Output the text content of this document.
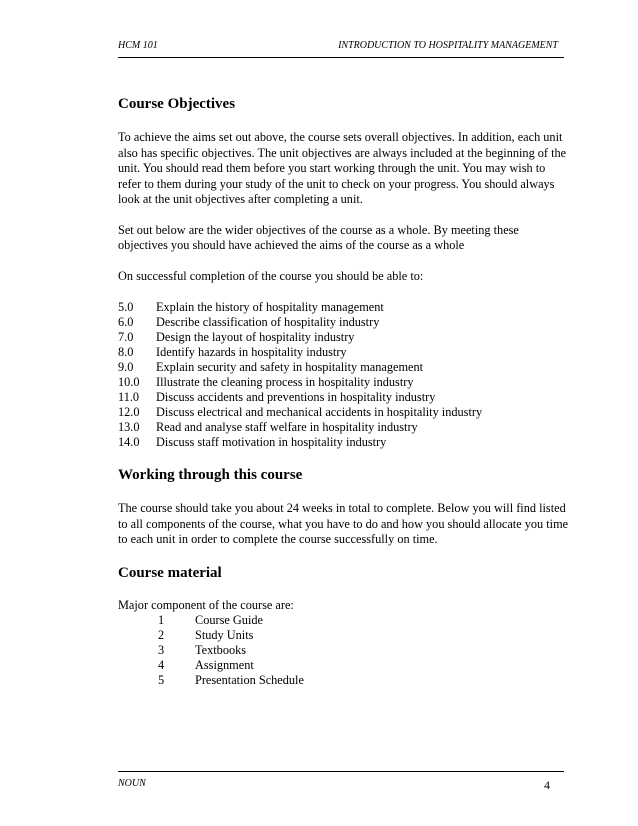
HCM 101	INTRODUCTION TO HOSPITALITY MANAGEMENT
Course Objectives

To achieve the aims set out above, the course sets overall objectives. In addition, each unit also has specific objectives. The unit objectives are always included at the beginning of the unit. You should read them before you start working through the unit. You may wish to refer to them during your study of the unit to check on your progress. You should always look at the unit objectives after completing a unit.

Set out below are the wider objectives of the course as a whole. By meeting these objectives you should have achieved the aims of the course as a whole

On successful completion of the course you should be able to:

5.0	Explain the history of hospitality management
6.0	Describe classification of hospitality industry
7.0	Design the layout of hospitality industry
8.0	Identify hazards in hospitality industry
9.0	Explain security and safety in hospitality management
10.0	Illustrate the cleaning process in hospitality industry
11.0	Discuss accidents and preventions in hospitality industry
12.0	Discuss electrical and mechanical accidents in hospitality industry
13.0	Read and analyse staff welfare in hospitality industry
14.0	Discuss staff motivation in hospitality industry
Working through this course

The course should take you about 24 weeks in total to complete. Below you will find listed to all components of the course, what you have to do and how you should allocate you time to each unit in order to complete the course successfully on time.

Course material

Major component of the course are:

1	Course Guide
2	Study Units
3	Textbooks
4	Assignment
5	Presentation Schedule
NOUN	4
